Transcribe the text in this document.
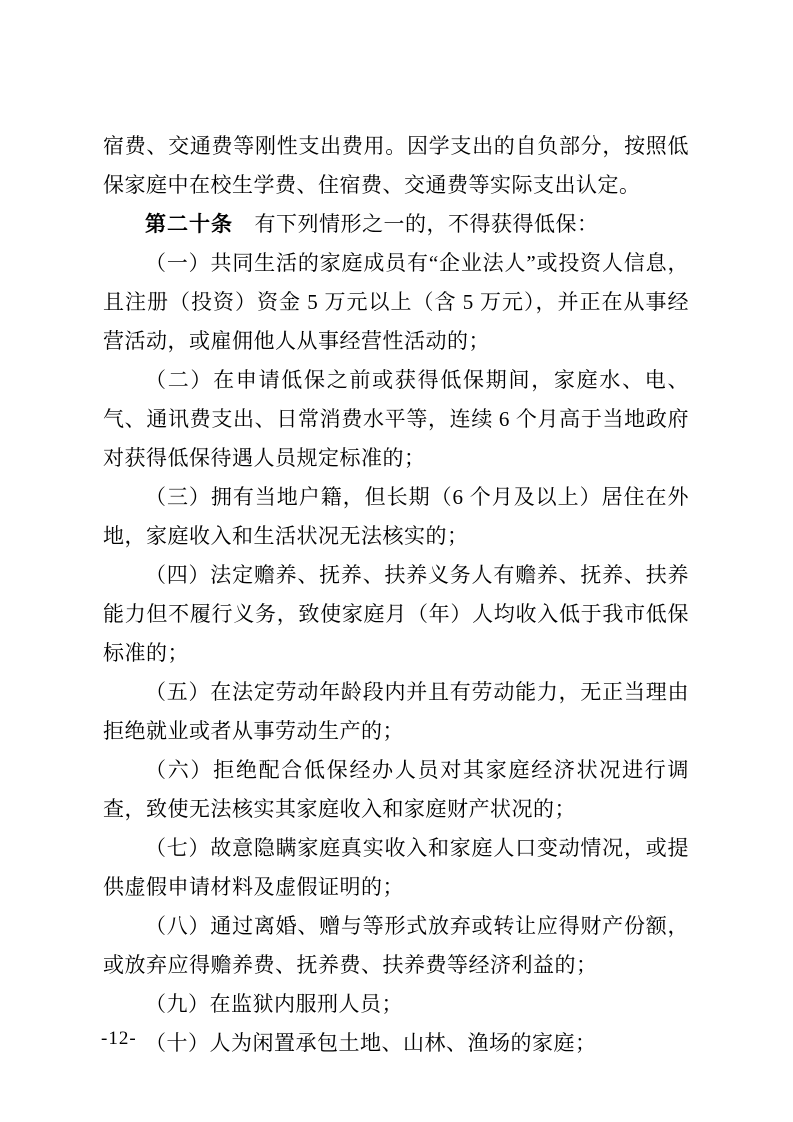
宿费、交通费等刚性支出费用。因学支出的自负部分，按照低保家庭中在校生学费、住宿费、交通费等实际支出认定。

第二十条　有下列情形之一的，不得获得低保：

（一）共同生活的家庭成员有“企业法人”或投资人信息，且注册（投资）资金 5 万元以上（含 5 万元），并正在从事经营活动，或雇佣他人从事经营性活动的；

（二）在申请低保之前或获得低保期间，家庭水、电、气、通讯费支出、日常消费水平等，连续 6 个月高于当地政府对获得低保待遇人员规定标准的；

（三）拥有当地户籍，但长期（6 个月及以上）居住在外地，家庭收入和生活状况无法核实的；

（四）法定赡养、抚养、扶养义务人有赡养、抚养、扶养能力但不履行义务，致使家庭月（年）人均收入低于我市低保标准的；

（五）在法定劳动年龄段内并且有劳动能力，无正当理由拒绝就业或者从事劳动生产的；

（六）拒绝配合低保经办人员对其家庭经济状况进行调查，致使无法核实其家庭收入和家庭财产状况的；

（七）故意隐瞒家庭真实收入和家庭人口变动情况，或提供虚假申请材料及虚假证明的；

（八）通过离婚、赠与等形式放弃或转让应得财产份额，或放弃应得赡养费、抚养费、扶养费等经济利益的；

（九）在监狱内服刑人员；

（十）人为闲置承包土地、山林、渔场的家庭；

-12-
